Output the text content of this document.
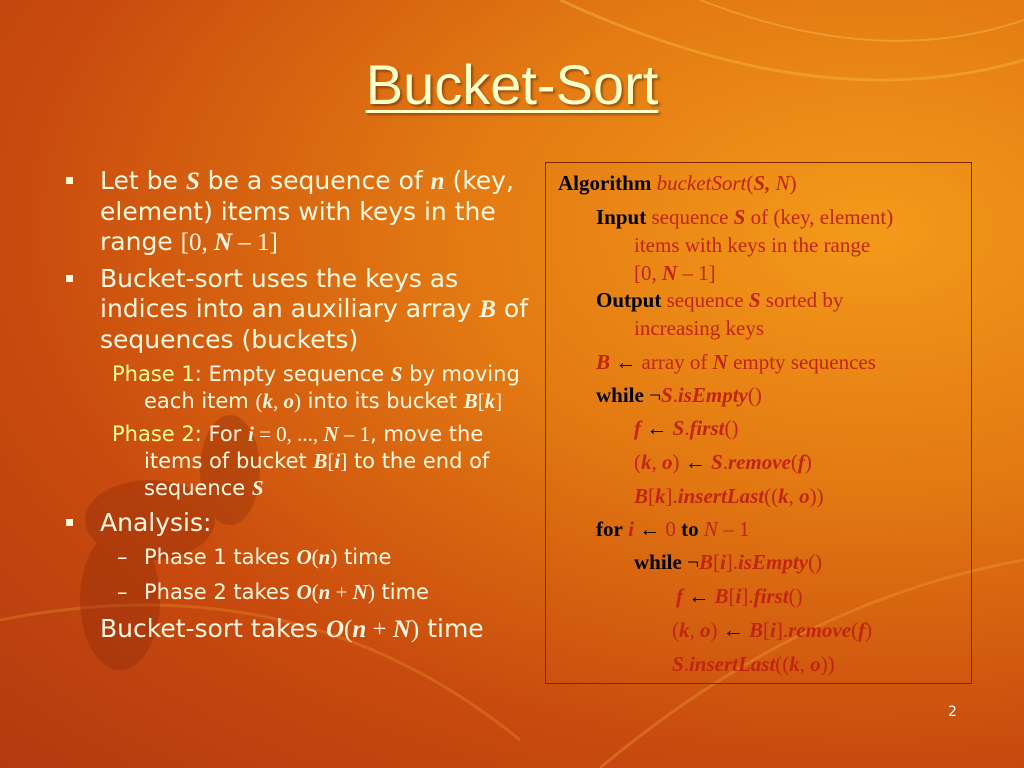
Bucket-Sort
Let be S be a sequence of n (key, element) items with keys in the range [0, N – 1]
Bucket-sort uses the keys as indices into an auxiliary array B of sequences (buckets)
Phase 1: Empty sequence S by moving each item (k, o) into its bucket B[k]
Phase 2: For i = 0, ..., N – 1, move the items of bucket B[i] to the end of sequence S
Analysis:
– Phase 1 takes O(n) time
– Phase 2 takes O(n + N) time
Bucket-sort takes O(n + N) time
Algorithm bucketSort(S, N)
Input sequence S of (key, element)
items with keys in the range
[0, N – 1]
Output sequence S sorted by
increasing keys
B ← array of N empty sequences
while ¬S.isEmpty()
f ← S.first()
(k, o) ← S.remove(f)
B[k].insertLast((k, o))
for i ← 0 to N – 1
while ¬B[i].isEmpty()
f ← B[i].first()
(k, o) ← B[i].remove(f)
S.insertLast((k, o))
2
